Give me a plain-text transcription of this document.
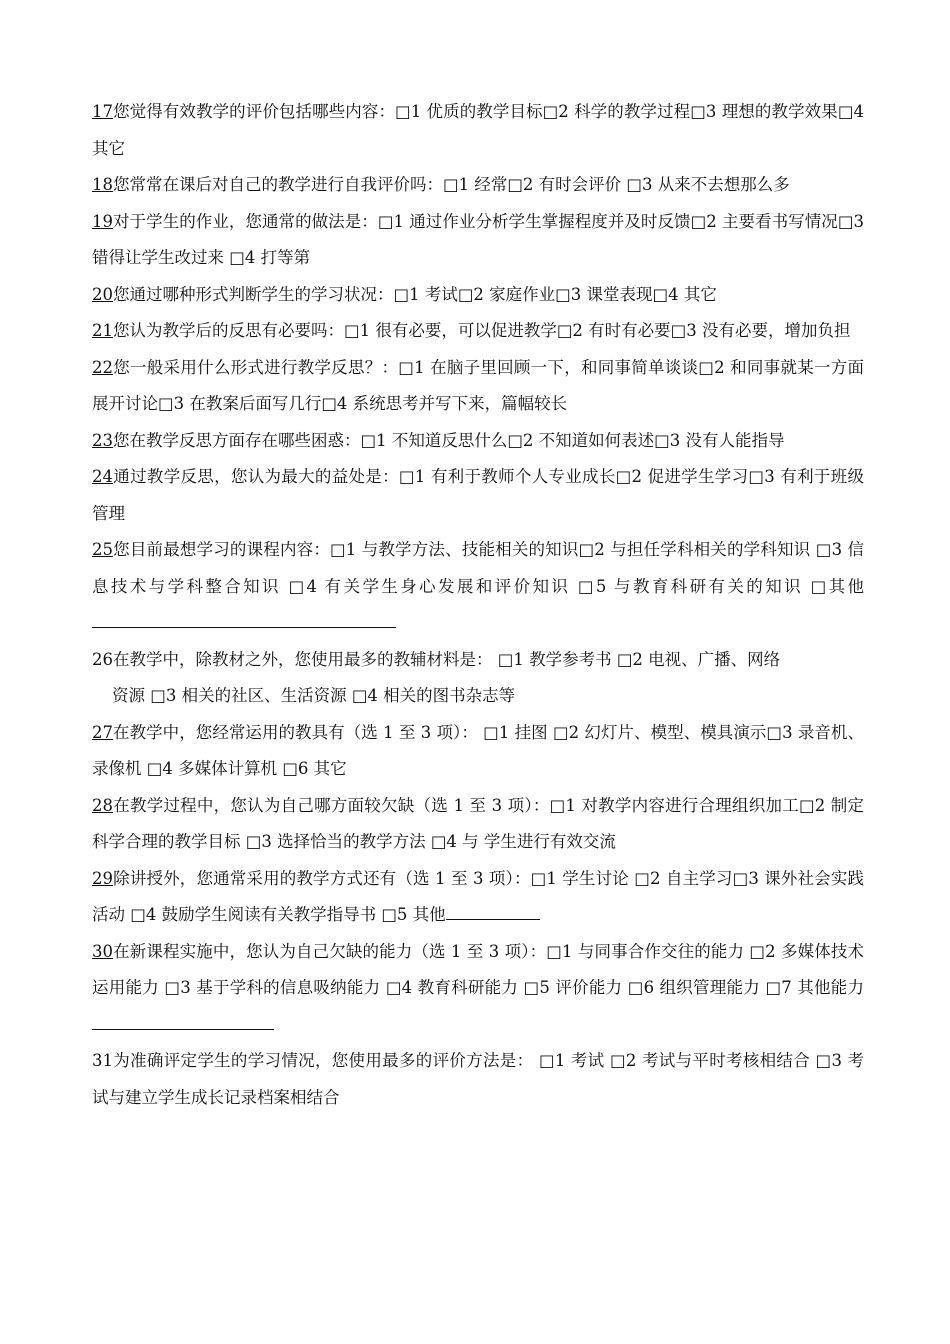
17您觉得有效教学的评价包括哪些内容：□1 优质的教学目标□2 科学的教学过程□3 理想的教学效果□4 其它

18您常常在课后对自己的教学进行自我评价吗：□1 经常□2 有时会评价 □3 从来不去想那么多

19对于学生的作业，您通常的做法是：□1 通过作业分析学生掌握程度并及时反馈□2 主要看书写情况□3 错得让学生改过来 □4 打等第

20您通过哪种形式判断学生的学习状况：□1 考试□2 家庭作业□3 课堂表现□4 其它

21您认为教学后的反思有必要吗：□1 很有必要，可以促进教学□2 有时有必要□3 没有必要，增加负担

22您一般采用什么形式进行教学反思？：□1 在脑子里回顾一下，和同事简单谈谈□2 和同事就某一方面展开讨论□3 在教案后面写几行□4 系统思考并写下来，篇幅较长

23您在教学反思方面存在哪些困惑：□1 不知道反思什么□2 不知道如何表述□3 没有人能指导

24通过教学反思，您认为最大的益处是：□1 有利于教师个人专业成长□2 促进学生学习□3 有利于班级管理

25您目前最想学习的课程内容：□1 与教学方法、技能相关的知识□2 与担任学科相关的学科知识 □3 信息技术与学科整合知识 □4 有关学生身心发展和评价知识 □5 与教育科研有关的知识 □其他

26在教学中，除教材之外，您使用最多的教辅材料是： □1 教学参考书 □2 电视、广播、网络
资源 □3 相关的社区、生活资源 □4 相关的图书杂志等

27在教学中，您经常运用的教具有（选 1 至 3 项）： □1 挂图 □2 幻灯片、模型、模具演示□3 录音机、录像机 □4 多媒体计算机 □6 其它

28在教学过程中，您认为自己哪方面较欠缺（选 1 至 3 项）：□1 对教学内容进行合理组织加工□2 制定科学合理的教学目标 □3 选择恰当的教学方法 □4 与 学生进行有效交流

29除讲授外，您通常采用的教学方式还有（选 1 至 3 项）：□1 学生讨论 □2 自主学习□3 课外社会实践活动 □4 鼓励学生阅读有关教学指导书 □5 其他

30在新课程实施中，您认为自己欠缺的能力（选 1 至 3 项）：□1 与同事合作交往的能力 □2 多媒体技术运用能力 □3 基于学科的信息吸纳能力 □4 教育科研能力 □5 评价能力 □6 组织管理能力 □7 其他能力

31为准确评定学生的学习情况，您使用最多的评价方法是： □1 考试 □2 考试与平时考核相结合 □3 考试与建立学生成长记录档案相结合
